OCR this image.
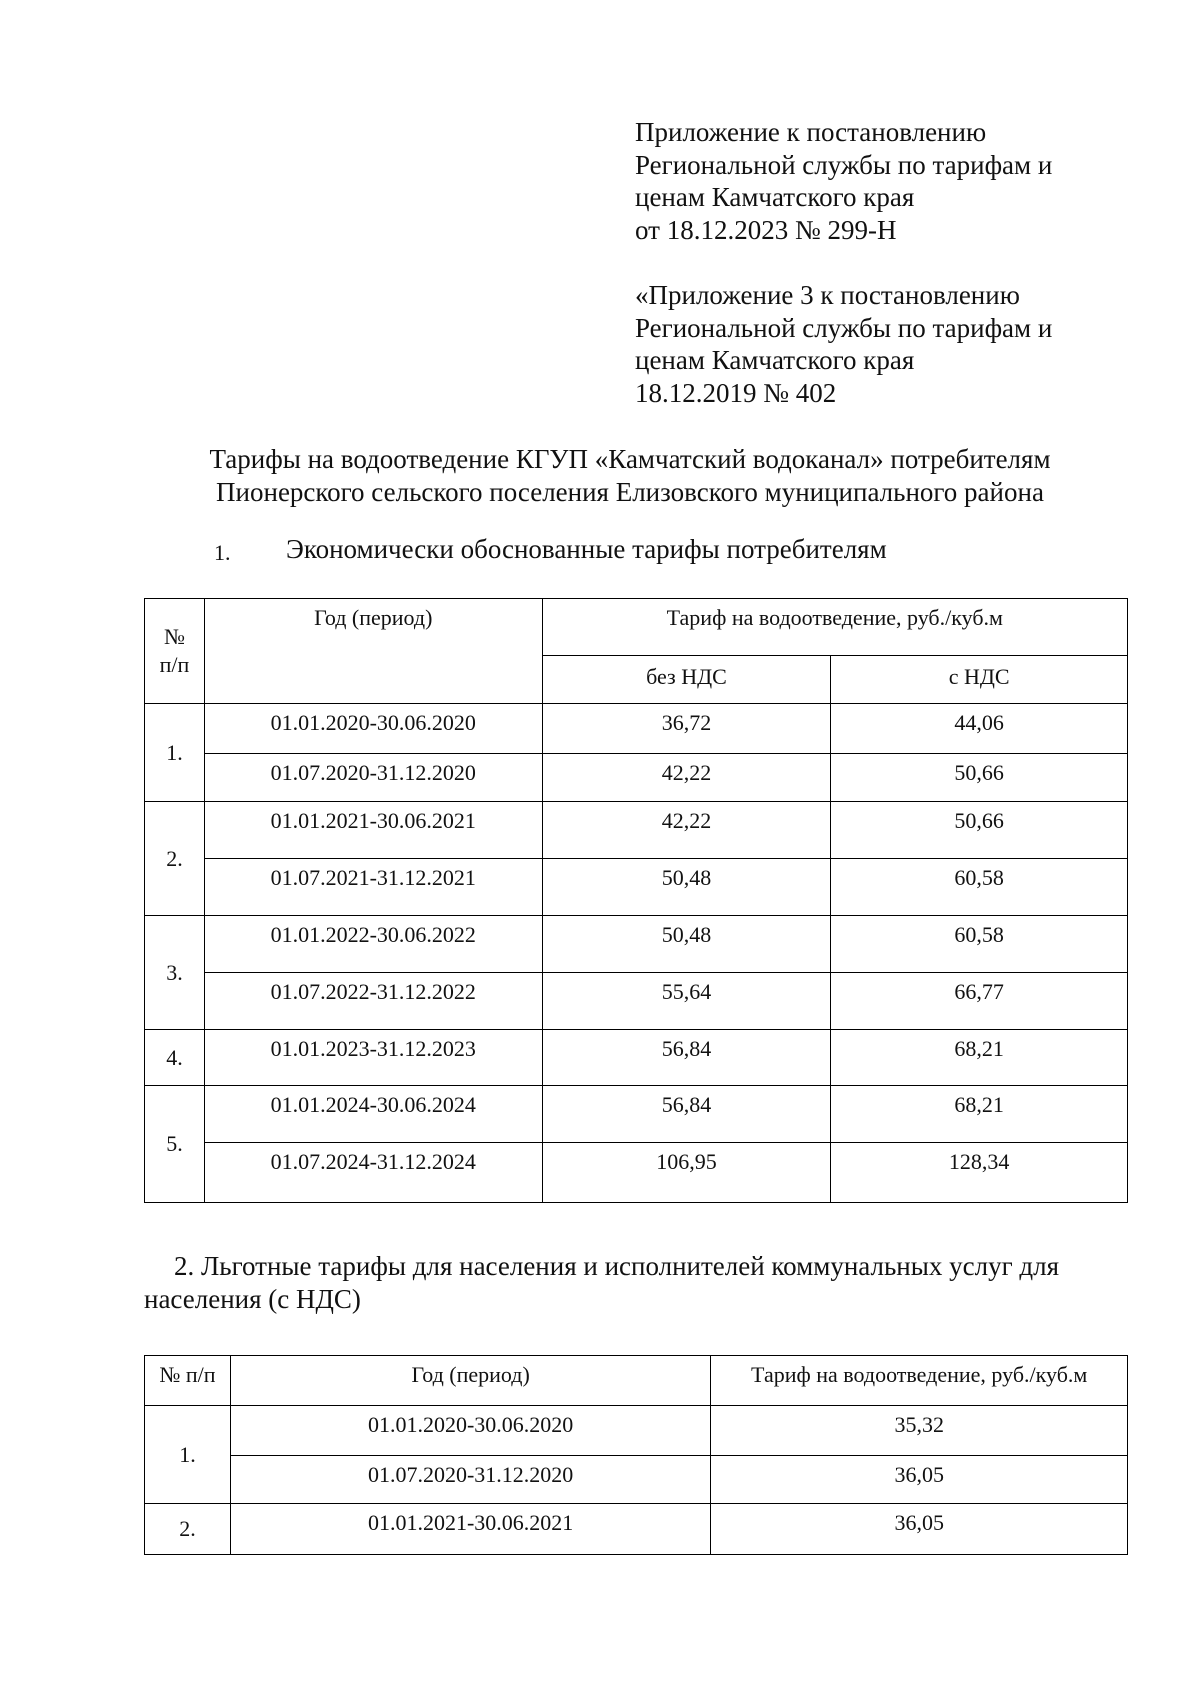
Приложение к постановлению
Региональной службы по тарифам и
ценам Камчатского края
от 18.12.2023 № 299-Н
«Приложение 3 к постановлению
Региональной службы по тарифам и
ценам Камчатского края
18.12.2019 № 402
Тарифы на водоотведение КГУП «Камчатский водоканал» потребителям
Пионерского сельского поселения Елизовского муниципального района
1. Экономически обоснованные тарифы потребителям
№
п/п	Год (период)	Тариф на водоотведение, руб./куб.м	
		без НДС	с НДС
1.	01.01.2020-30.06.2020	36,72	44,06
	01.07.2020-31.12.2020	42,22	50,66
2.	01.01.2021-30.06.2021	42,22	50,66
	01.07.2021-31.12.2021	50,48	60,58
3.	01.01.2022-30.06.2022	50,48	60,58
	01.07.2022-31.12.2022	55,64	66,77
4.	01.01.2023-31.12.2023	56,84	68,21
5.	01.01.2024-30.06.2024	56,84	68,21
	01.07.2024-31.12.2024	106,95	128,34
2. Льготные тарифы для населения и исполнителей коммунальных услуг для населения (с НДС)
№ п/п	Год (период)	Тариф на водоотведение, руб./куб.м
1.	01.01.2020-30.06.2020	35,32
	01.07.2020-31.12.2020	36,05
2.	01.01.2021-30.06.2021	36,05
